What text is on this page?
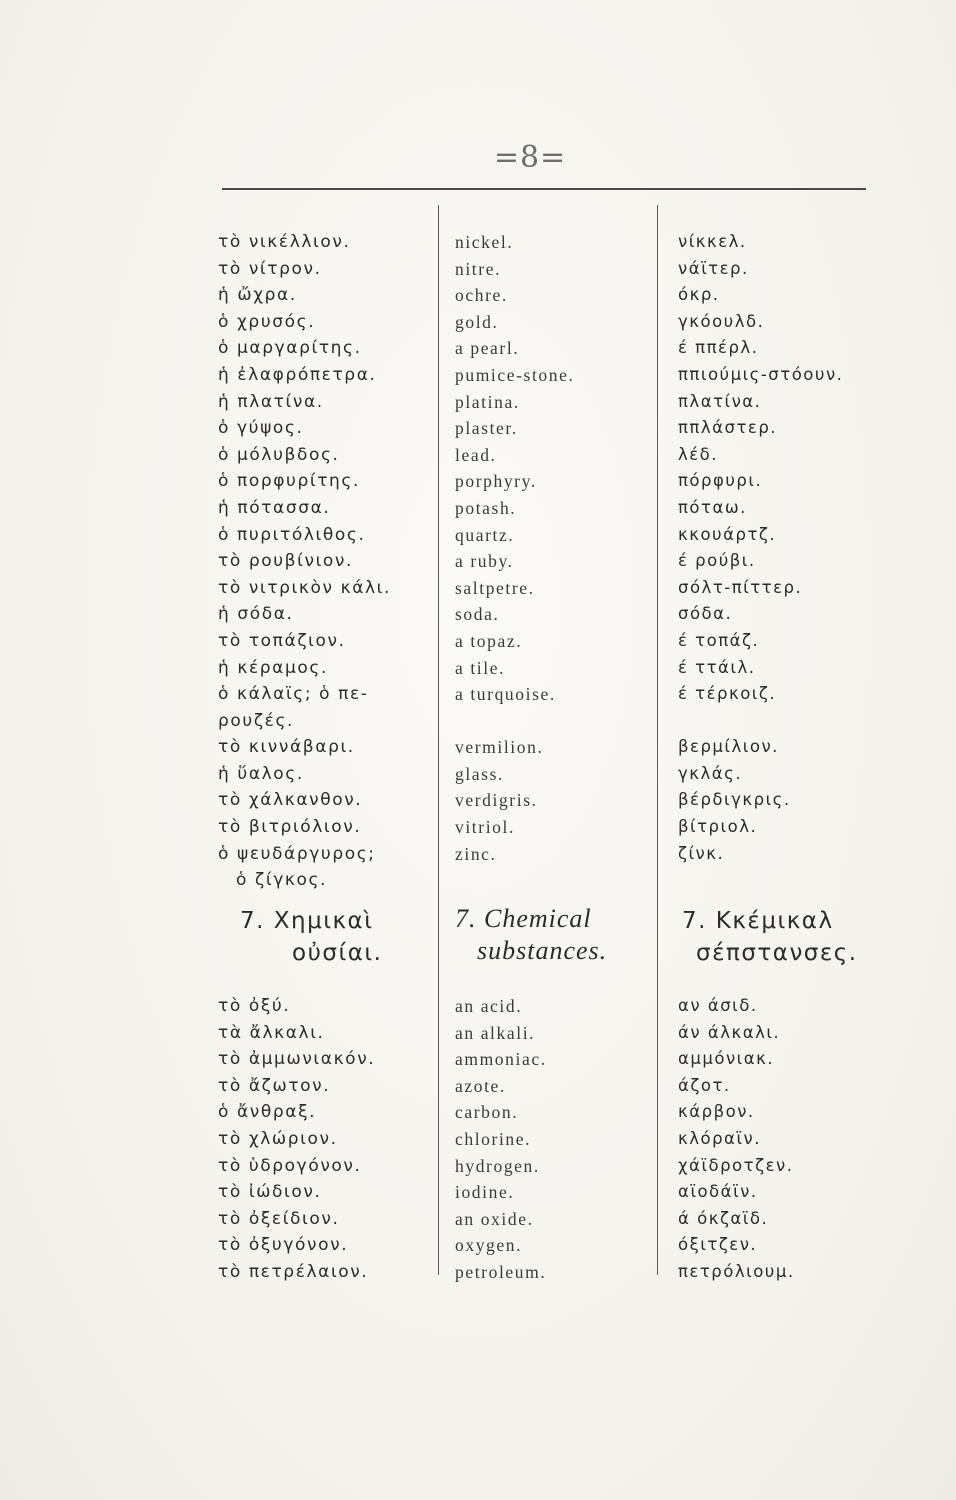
=8=
τὸ νικέλλιον.
τὸ νίτρον.
ἡ ὤχρα.
ὁ χρυσός.
ὁ μαργαρίτης.
ἡ ἐλαφρόπετρα.
ἡ πλατίνα.
ὁ γύψος.
ὁ μόλυβδος.
ὁ πορφυρίτης.
ἡ πότασσα.
ὁ πυριτόλιθος.
τὸ ρουβίνιον.
τὸ νιτρικὸν κάλι.
ἡ σόδα.
τὸ τοπάζιον.
ἡ κέραμος.
ὁ κάλαϊς; ὁ πε-
ρουζές.
τὸ κιννάβαρι.
ἡ ὕαλος.
τὸ χάλκανθον.
τὸ βιτριόλιον.
ὁ ψευδάργυρος;
ὁ ζίγκος.
7. Χημικαὶ
οὐσίαι.
τὸ ὀξύ.
τὰ ἄλκαλι.
τὸ ἀμμωνιακόν.
τὸ ἄζωτον.
ὁ ἄνθραξ.
τὸ χλώριον.
τὸ ὑδρογόνον.
τὸ ἰώδιον.
τὸ ὀξείδιον.
τὸ ὀξυγόνον.
τὸ πετρέλαιον.
nickel.
nitre.
ochre.
gold.
a pearl.
pumice-stone.
platina.
plaster.
lead.
porphyry.
potash.
quartz.
a ruby.
saltpetre.
soda.
a topaz.
a tile.
a turquoise.
vermilion.
glass.
verdigris.
vitriol.
zinc.
7. Chemical
substances.
an acid.
an alkali.
ammoniac.
azote.
carbon.
chlorine.
hydrogen.
iodine.
an oxide.
oxygen.
petroleum.
νίκκελ.
νάϊτερ.
όκρ.
γκόουλδ.
έ ππέρλ.
ππιούμις-στόουν.
πλατίνα.
ππλάστερ.
λέδ.
πόρφυρι.
πόταω.
κκουάρτζ.
έ ρούβι.
σόλτ-πίττερ.
σόδα.
έ τοπάζ.
έ ττάιλ.
έ τέρκοιζ.
βερμίλιον.
γκλάς.
βέρδιγκρις.
βίτριολ.
ζίνκ.
7. Κκέμικαλ
σέπστανσες.
αν άσιδ.
άν άλκαλι.
αμμόνιακ.
άζοτ.
κάρβον.
κλόραϊν.
χάϊδροτζεν.
αϊοδάϊν.
ά όκζαϊδ.
όξιτζεν.
πετρόλιουμ.
